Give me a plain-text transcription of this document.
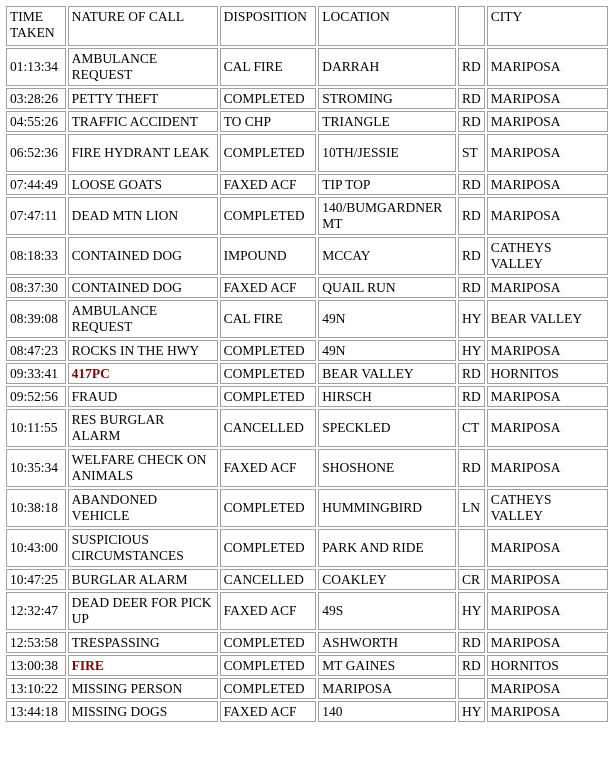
TIME
TAKEN	NATURE OF CALL	DISPOSITION	LOCATION		CITY
01:13:34	AMBULANCE REQUEST	CAL FIRE	DARRAH	RD	MARIPOSA
03:28:26	PETTY THEFT	COMPLETED	STROMING	RD	MARIPOSA
04:55:26	TRAFFIC ACCIDENT	TO CHP	TRIANGLE	RD	MARIPOSA
06:52:36	FIRE HYDRANT LEAK	COMPLETED	10TH/JESSIE	ST	MARIPOSA
07:44:49	LOOSE GOATS	FAXED ACF	TIP TOP	RD	MARIPOSA
07:47:11	DEAD MTN LION	COMPLETED	140/BUMGARDNER MT	RD	MARIPOSA
08:18:33	CONTAINED DOG	IMPOUND	MCCAY	RD	CATHEYS VALLEY
08:37:30	CONTAINED DOG	FAXED ACF	QUAIL RUN	RD	MARIPOSA
08:39:08	AMBULANCE REQUEST	CAL FIRE	49N	HY	BEAR VALLEY
08:47:23	ROCKS IN THE HWY	COMPLETED	49N	HY	MARIPOSA
09:33:41	417PC	COMPLETED	BEAR VALLEY	RD	HORNITOS
09:52:56	FRAUD	COMPLETED	HIRSCH	RD	MARIPOSA
10:11:55	RES BURGLAR ALARM	CANCELLED	SPECKLED	CT	MARIPOSA
10:35:34	WELFARE CHECK ON ANIMALS	FAXED ACF	SHOSHONE	RD	MARIPOSA
10:38:18	ABANDONED VEHICLE	COMPLETED	HUMMINGBIRD	LN	CATHEYS VALLEY
10:43:00	SUSPICIOUS CIRCUMSTANCES	COMPLETED	PARK AND RIDE		MARIPOSA
10:47:25	BURGLAR ALARM	CANCELLED	COAKLEY	CR	MARIPOSA
12:32:47	DEAD DEER FOR PICK UP	FAXED ACF	49S	HY	MARIPOSA
12:53:58	TRESPASSING	COMPLETED	ASHWORTH	RD	MARIPOSA
13:00:38	FIRE	COMPLETED	MT GAINES	RD	HORNITOS
13:10:22	MISSING PERSON	COMPLETED	MARIPOSA		MARIPOSA
13:44:18	MISSING DOGS	FAXED ACF	140	HY	MARIPOSA
